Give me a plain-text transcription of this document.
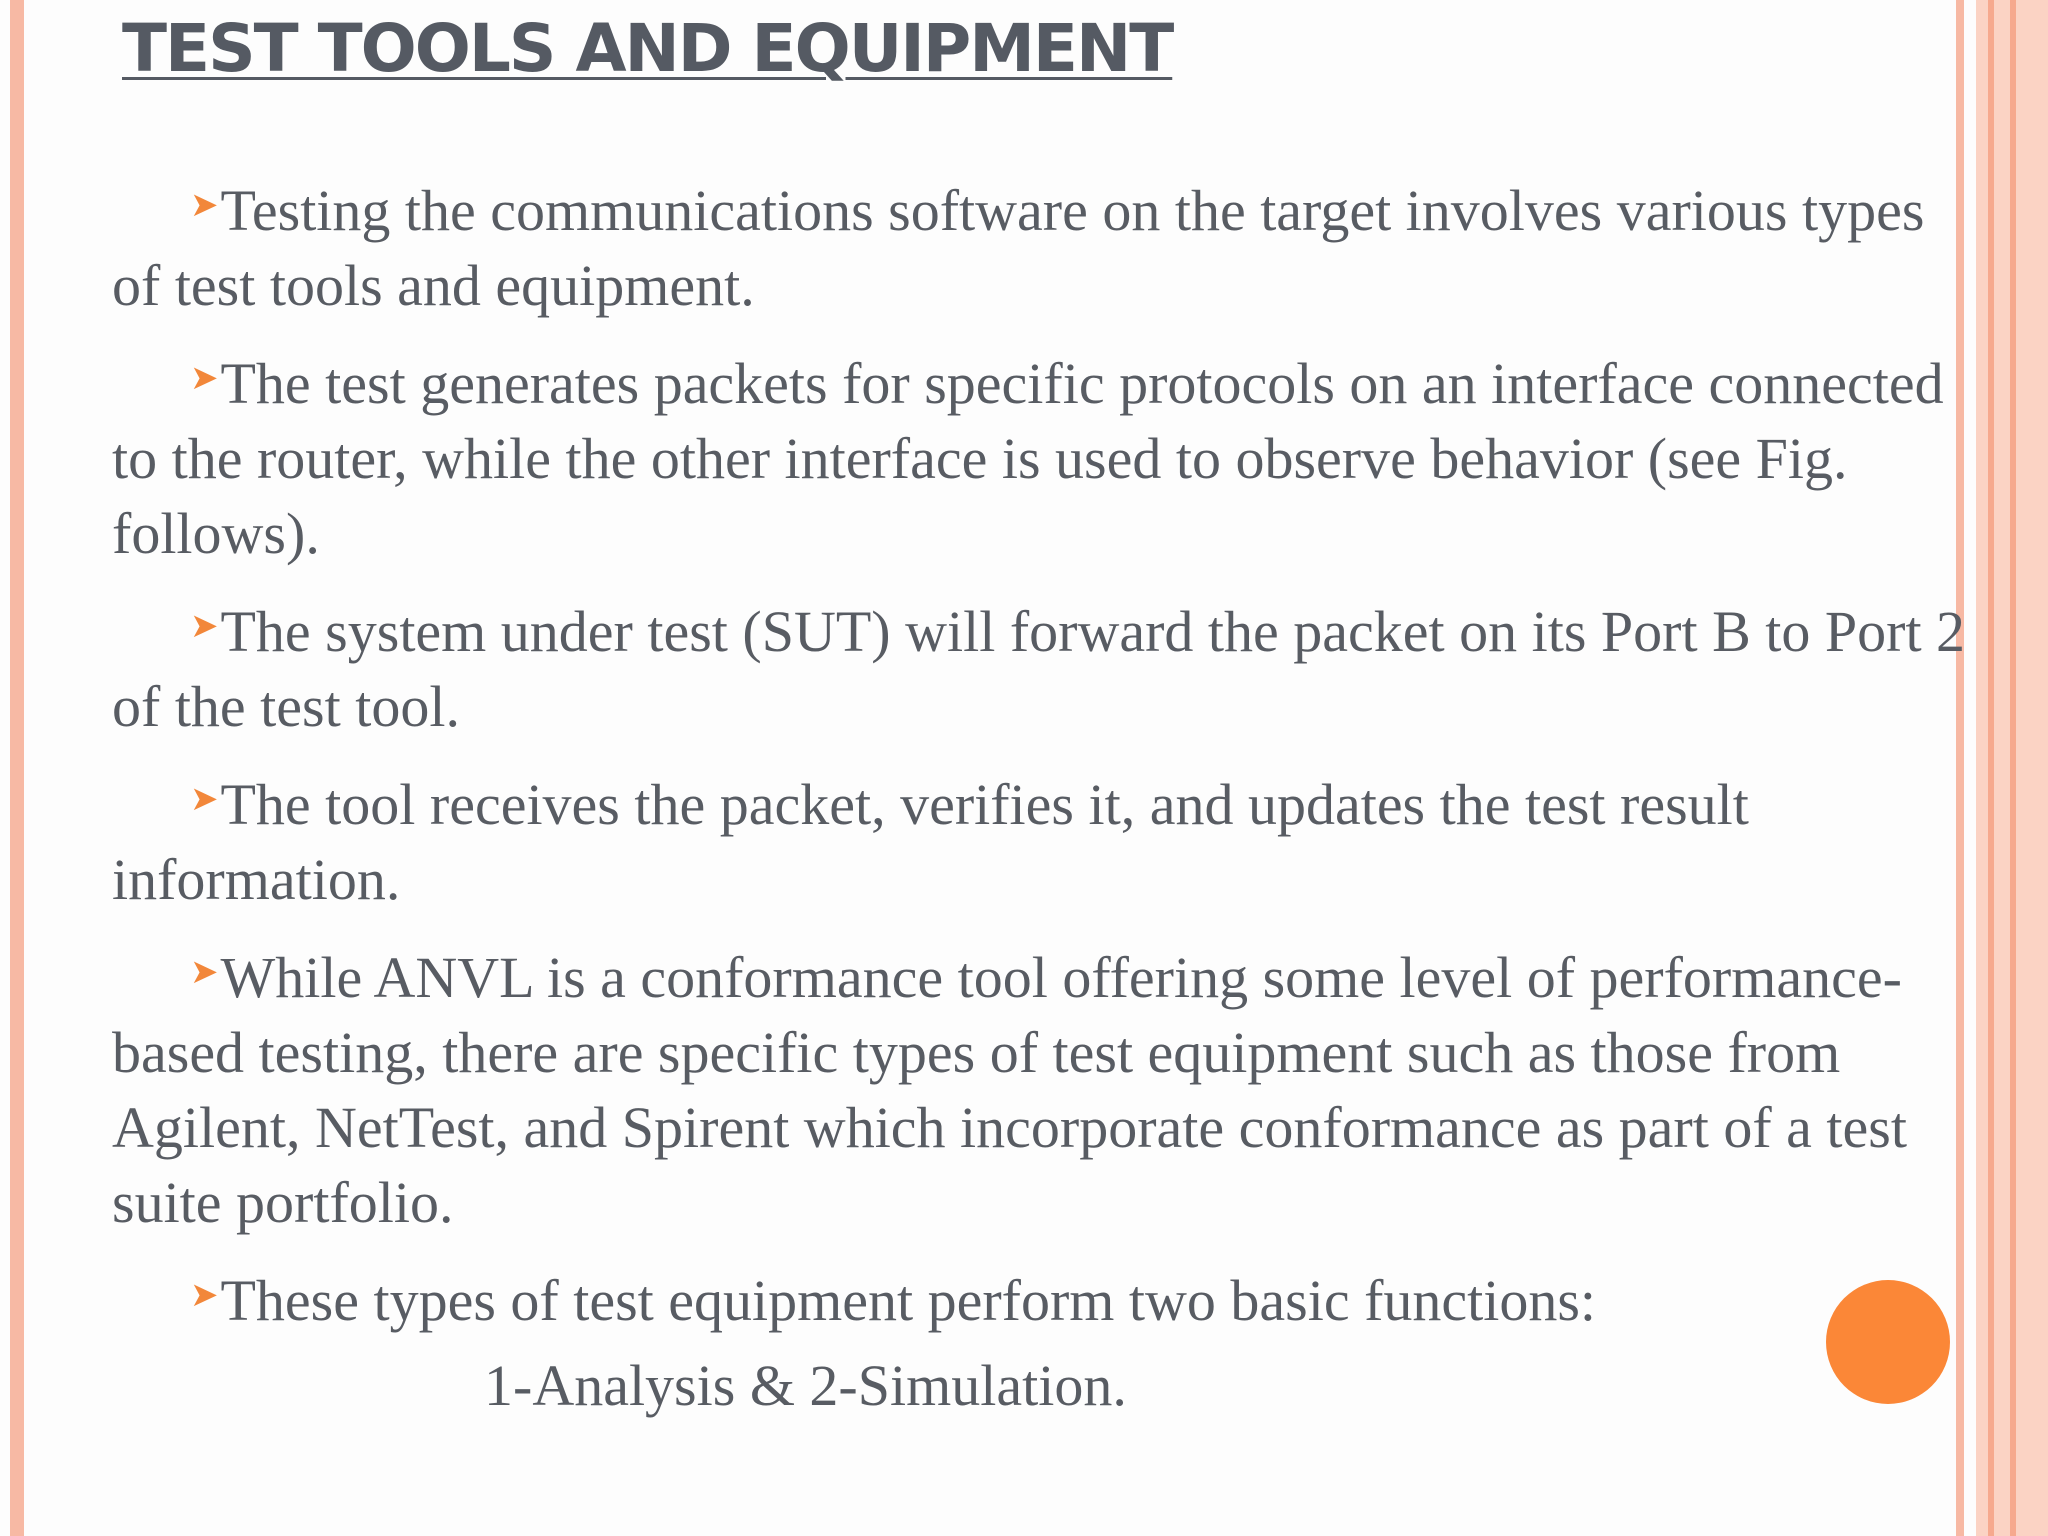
TEST TOOLS AND EQUIPMENT

➤Testing the communications software on the target involves various types of test tools and equipment.

➤The test generates packets for specific protocols on an interface connected to the router, while the other interface is used to observe behavior (see Fig. follows).

➤The system under test (SUT) will forward the packet on its Port B to Port 2 of the test tool.

➤The tool receives the packet, verifies it, and updates the test result information.

➤While ANVL is a conformance tool offering some level of performance-based testing, there are specific types of test equipment such as those from Agilent, NetTest, and Spirent which incorporate conformance as part of a test suite portfolio.

➤These types of test equipment perform two basic functions:

1-Analysis & 2-Simulation.
